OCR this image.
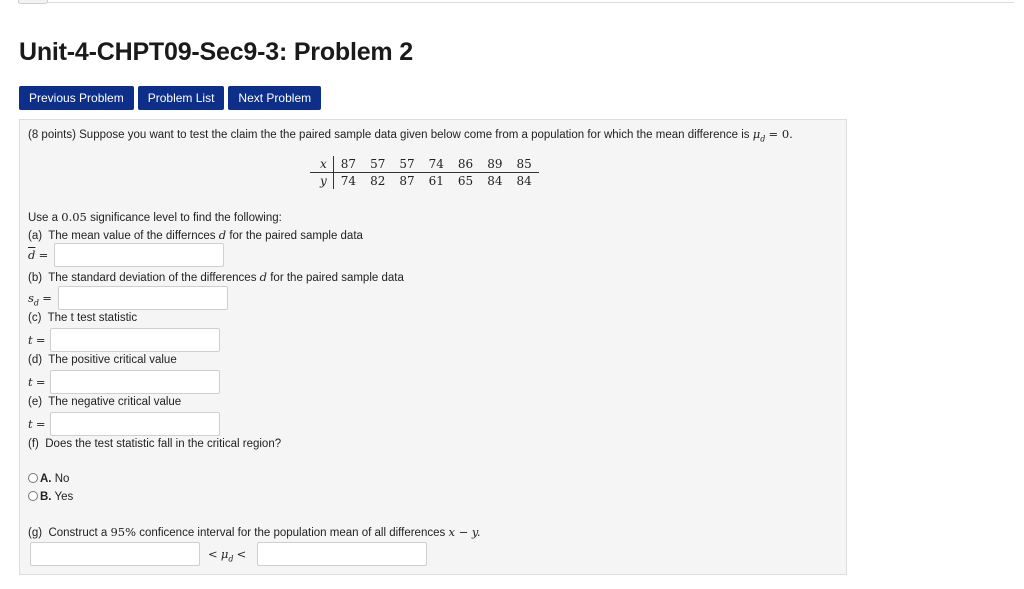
Unit-4-CHPT09-Sec9-3: Problem 2
Previous Problem	Problem List	Next Problem
(8 points) Suppose you want to test the claim the the paired sample data given below come from a population for which the mean difference is $\mu_d = 0$.
x	87	57	57	74	86	89	85
y	74	82	87	61	65	84	84
Use a 0.05 significance level to find the following:
(a) The mean value of the differnces d for the paired sample data
$\overline{d}$ =
(b) The standard deviation of the differences d for the paired sample data
$s_d$ =
(c) The t test statistic
t =
(d) The positive critical value
t =
(e) The negative critical value
t =
(f) Does the test statistic fall in the critical region?
A. No
B. Yes
(g) Construct a 95% conficence interval for the population mean of all differences x − y.
< $\mu_d$ <
